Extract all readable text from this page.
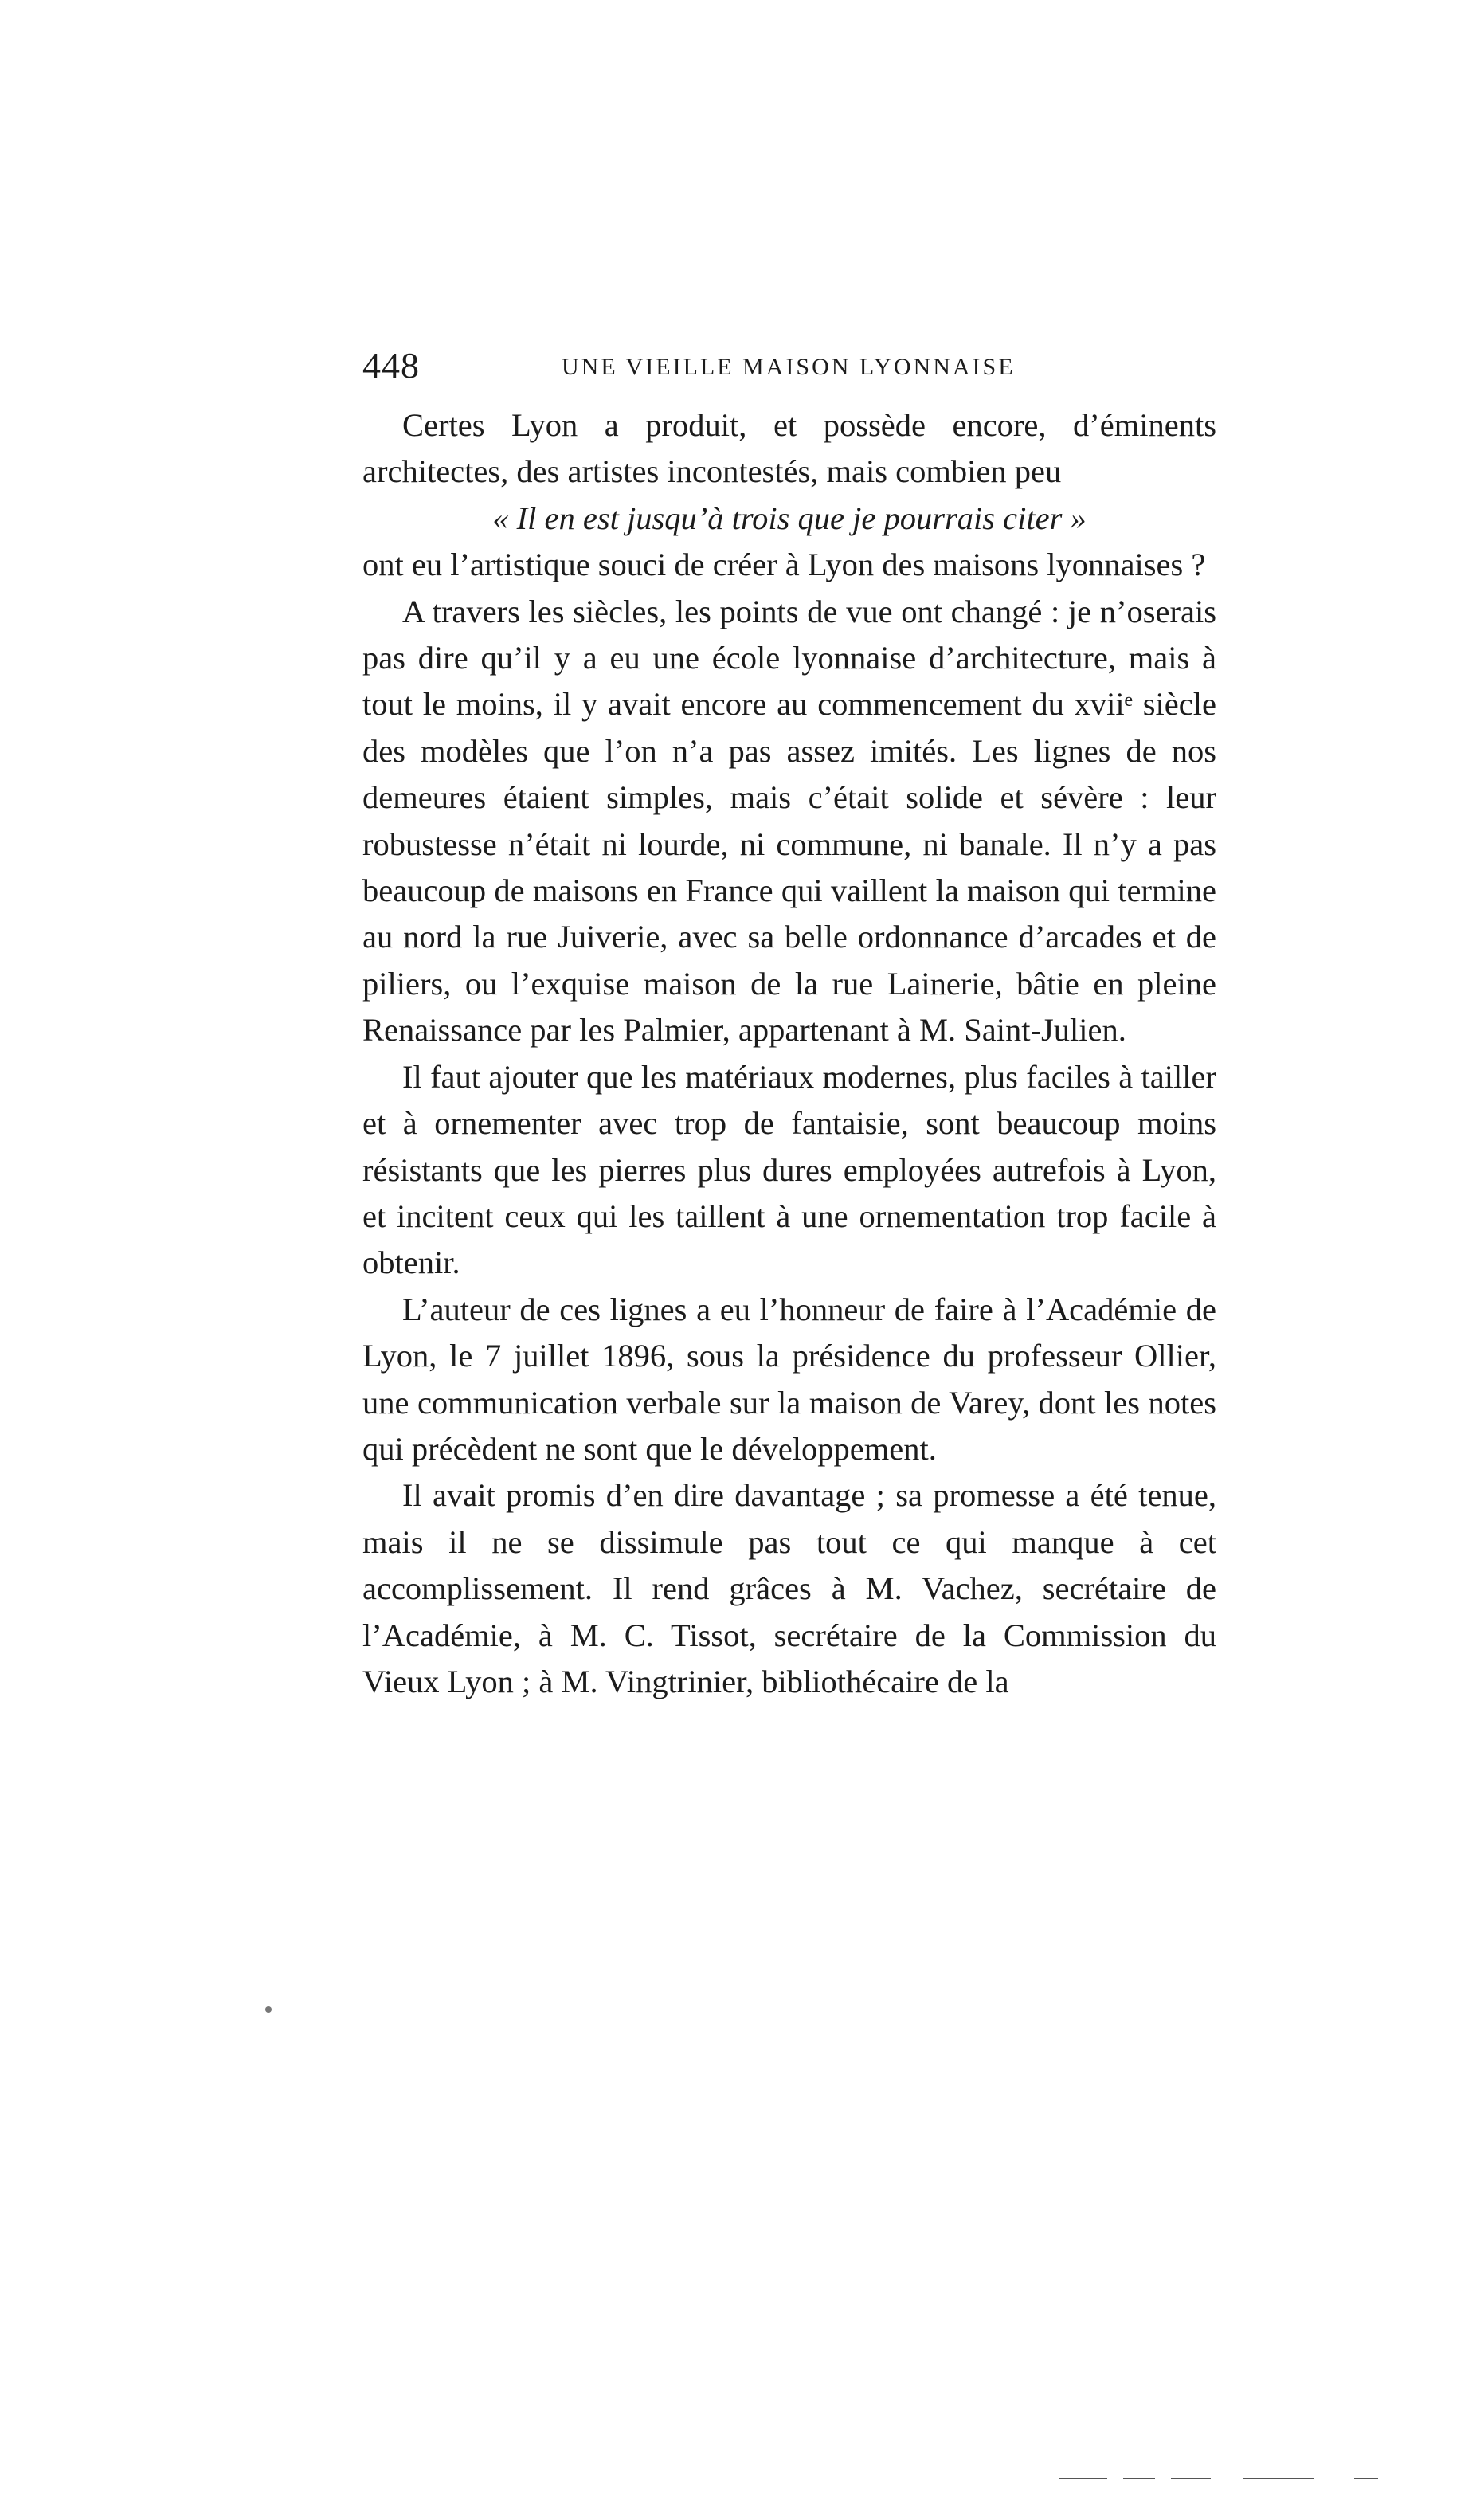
448	UNE VIEILLE MAISON LYONNAISE

Certes Lyon a produit, et possède encore, d’éminents architectes, des artistes incontestés, mais combien peu

« Il en est jusqu’à trois que je pourrais citer »

ont eu l’artistique souci de créer à Lyon des maisons lyonnaises ?

A travers les siècles, les points de vue ont changé : je n’oserais pas dire qu’il y a eu une école lyonnaise d’architecture, mais à tout le moins, il y avait encore au commencement du xviiᵉ siècle des modèles que l’on n’a pas assez imités. Les lignes de nos demeures étaient simples, mais c’était solide et sévère : leur robustesse n’était ni lourde, ni commune, ni banale. Il n’y a pas beaucoup de maisons en France qui vaillent la maison qui termine au nord la rue Juiverie, avec sa belle ordonnance d’arcades et de piliers, ou l’exquise maison de la rue Lainerie, bâtie en pleine Renaissance par les Palmier, appartenant à M. Saint-Julien.

Il faut ajouter que les matériaux modernes, plus faciles à tailler et à ornementer avec trop de fantaisie, sont beaucoup moins résistants que les pierres plus dures employées autrefois à Lyon, et incitent ceux qui les taillent à une ornementation trop facile à obtenir.

L’auteur de ces lignes a eu l’honneur de faire à l’Académie de Lyon, le 7 juillet 1896, sous la présidence du professeur Ollier, une communication verbale sur la maison de Varey, dont les notes qui précèdent ne sont que le développement.

Il avait promis d’en dire davantage ; sa promesse a été tenue, mais il ne se dissimule pas tout ce qui manque à cet accomplissement. Il rend grâces à M. Vachez, secrétaire de l’Académie, à M. C. Tissot, secrétaire de la Commission du Vieux Lyon ; à M. Vingtrinier, bibliothécaire de la
